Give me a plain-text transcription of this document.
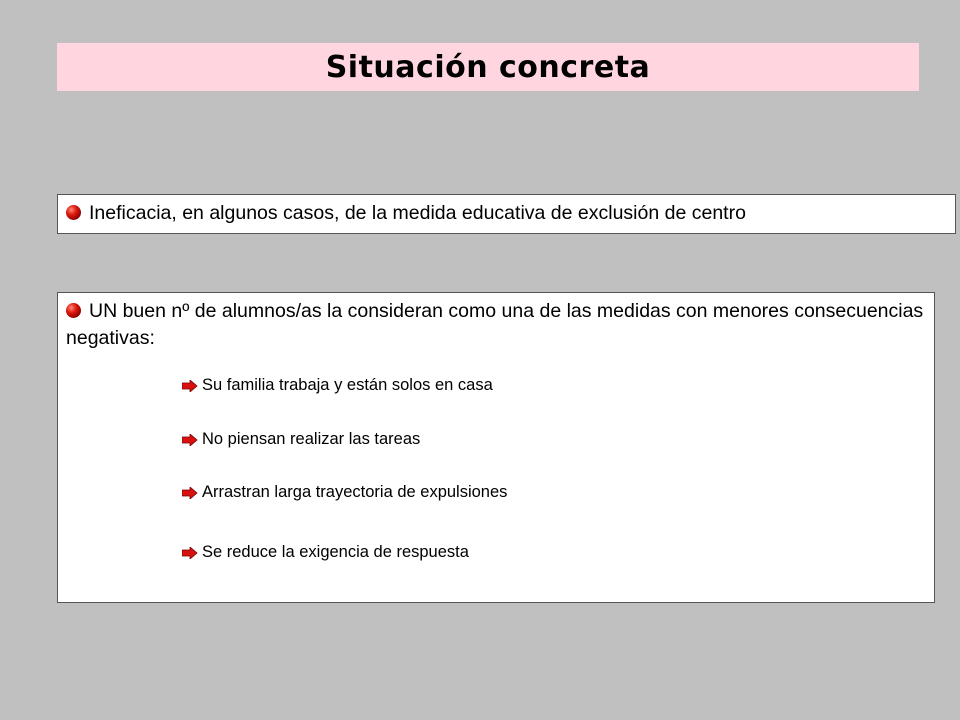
Situación concreta
Ineficacia, en algunos casos, de la medida educativa de exclusión de centro
UN buen nº de alumnos/as la consideran como una de las medidas con menores consecuencias negativas:
Su familia trabaja y están solos en casa
No piensan realizar las tareas
Arrastran larga trayectoria de expulsiones
Se reduce la exigencia de respuesta
